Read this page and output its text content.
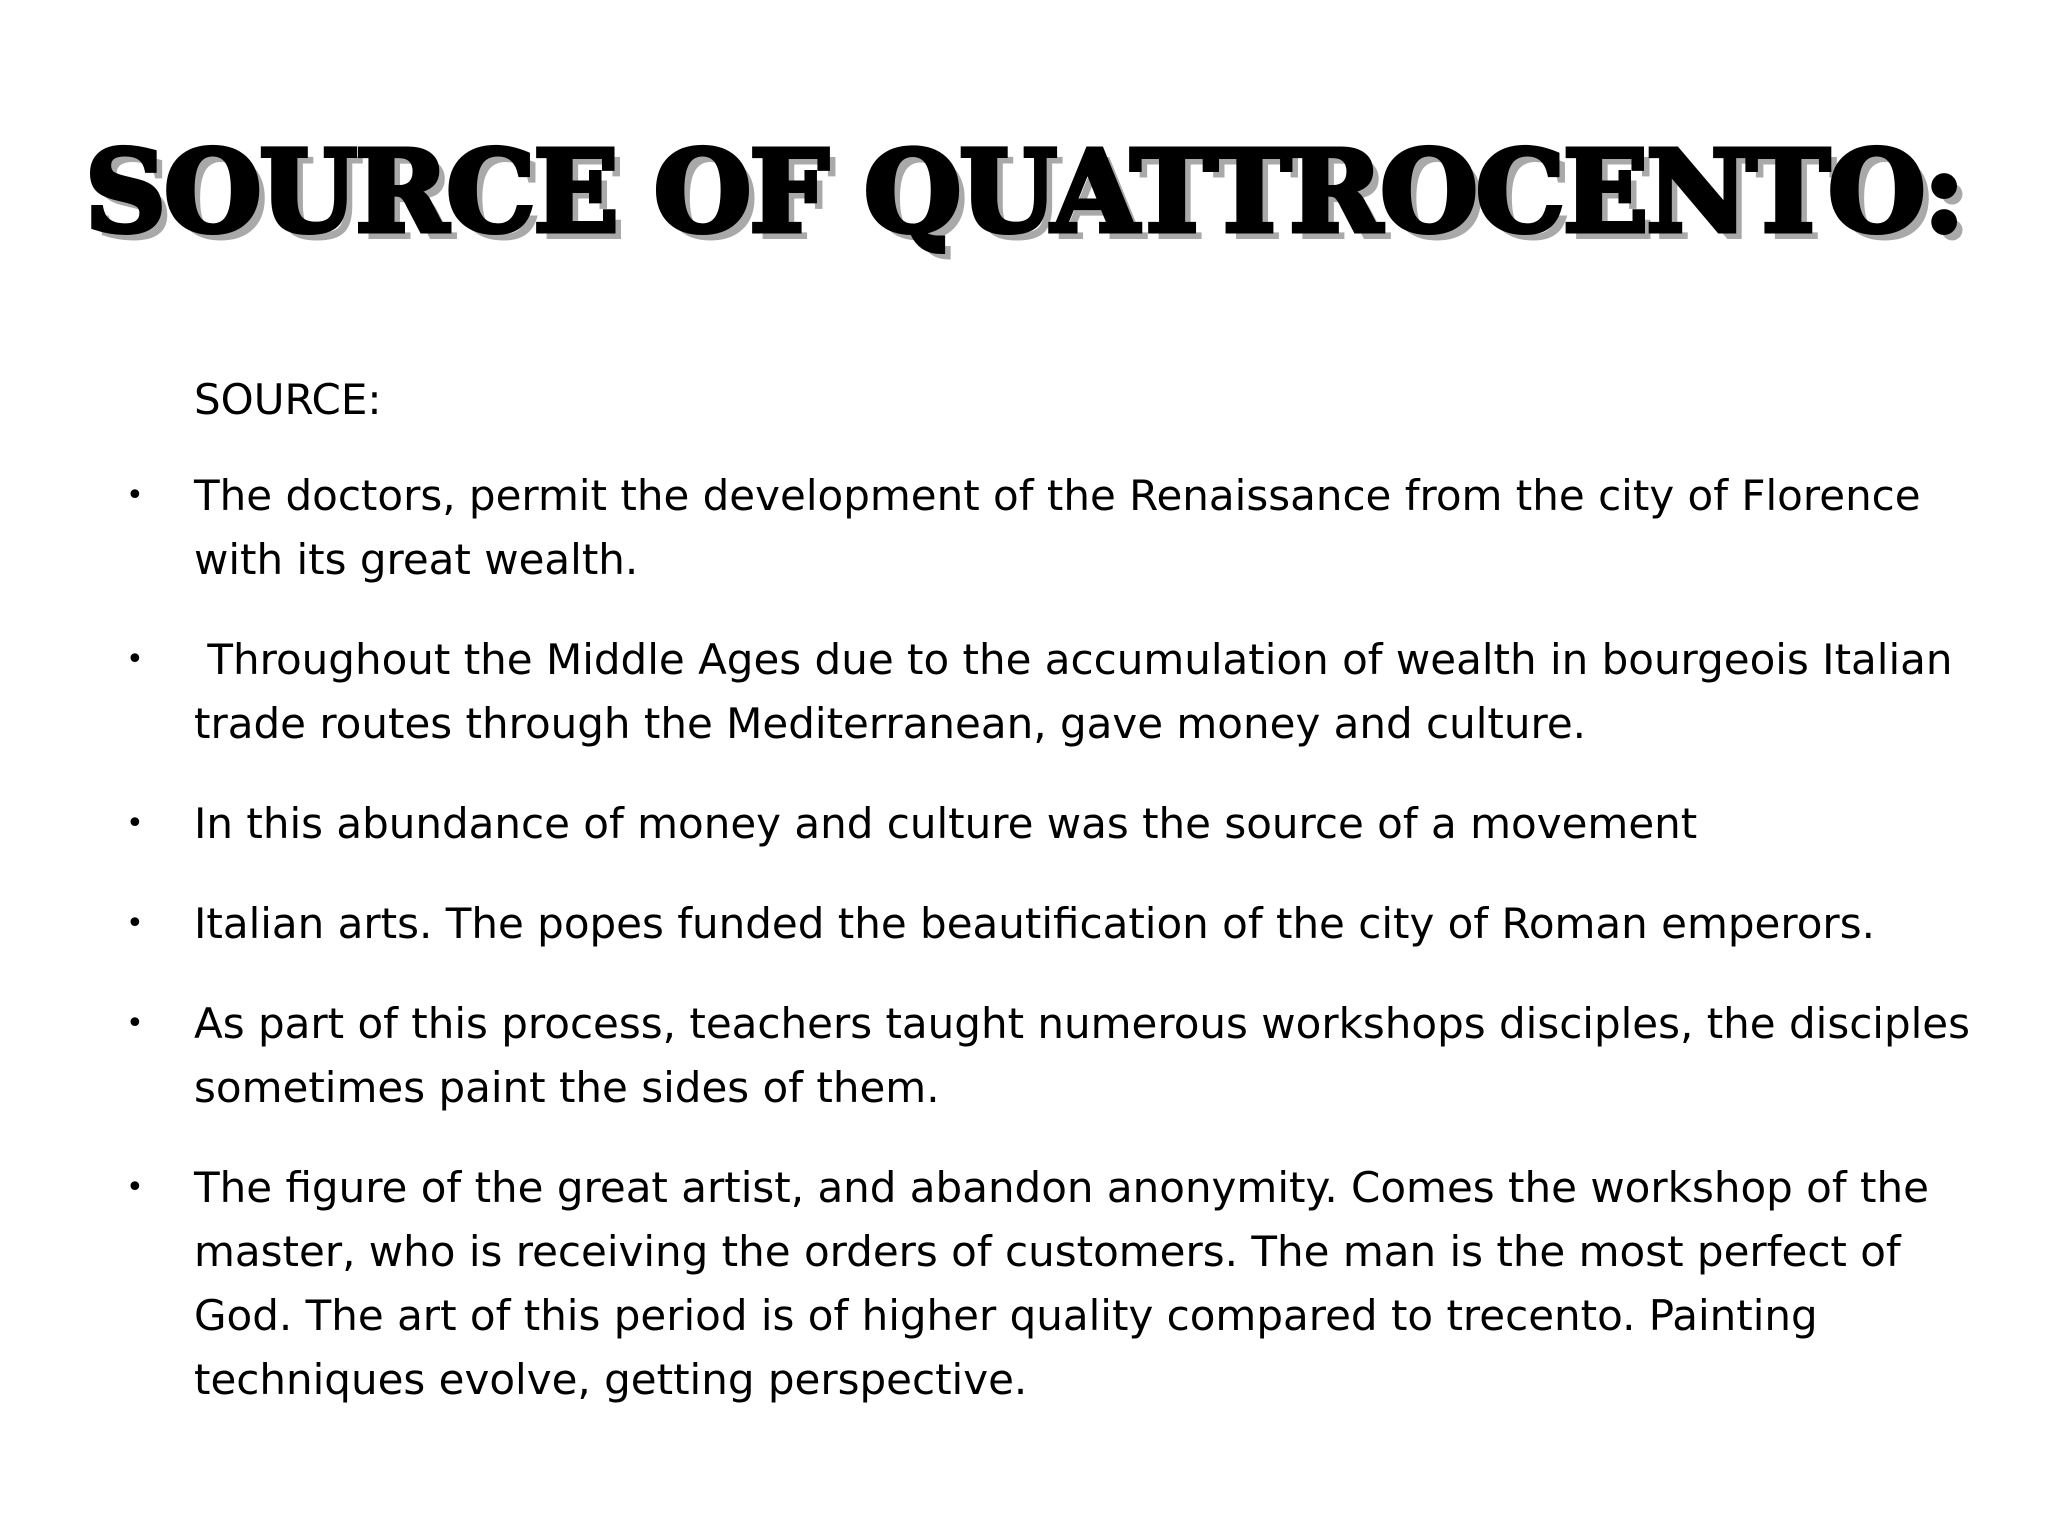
SOURCE OF QUATTROCENTO:
SOURCE:
• The doctors, permit the development of the Renaissance from the city of Florence with its great wealth.
• Throughout the Middle Ages due to the accumulation of wealth in bourgeois Italian trade routes through the Mediterranean, gave money and culture.
• In this abundance of money and culture was the source of a movement
• Italian arts. The popes funded the beautification of the city of Roman emperors.
• As part of this process, teachers taught numerous workshops disciples, the disciples sometimes paint the sides of them.
• The figure of the great artist, and abandon anonymity. Comes the workshop of the master, who is receiving the orders of customers. The man is the most perfect of God. The art of this period is of higher quality compared to trecento. Painting techniques evolve, getting perspective.
